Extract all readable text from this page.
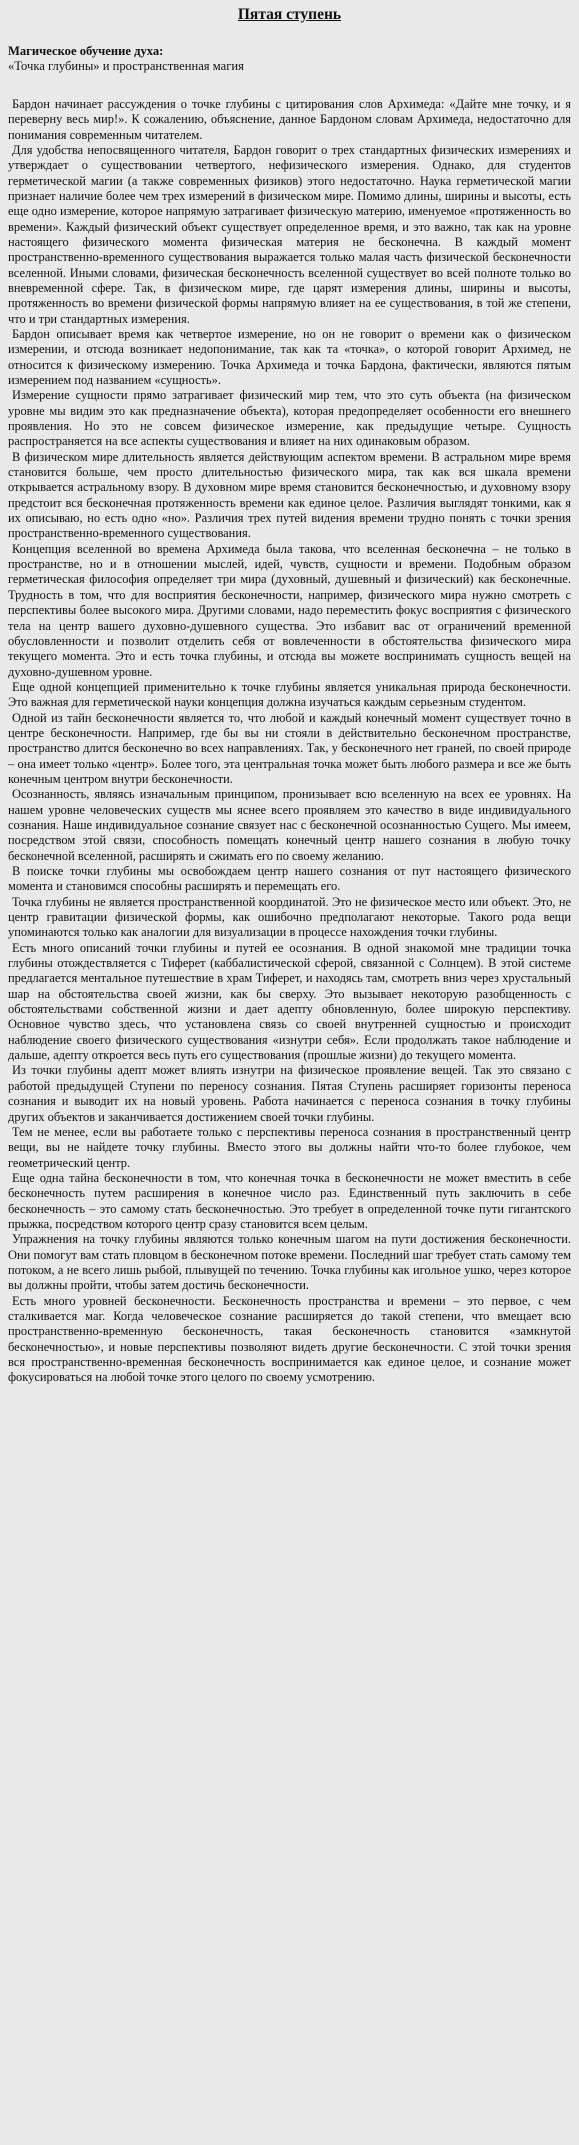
Пятая ступень

Магическое обучение духа:

«Точка глубины» и пространственная магия

Бардон начинает рассуждения о точке глубины с цитирования слов Архимеда: «Дайте мне точку, и я переверну весь мир!». К сожалению, объяснение, данное Бардоном словам Архимеда, недостаточно для понимания современным читателем.

Для удобства непосвященного читателя, Бардон говорит о трех стандартных физических измерениях и утверждает о существовании четвертого, нефизического измерения. Однако, для студентов герметической магии (а также современных физиков) этого недостаточно. Наука герметической магии признает наличие более чем трех измерений в физическом мире. Помимо длины, ширины и высоты, есть еще одно измерение, которое напрямую затрагивает физическую материю, именуемое «протяженность во времени». Каждый физический объект существует определенное время, и это важно, так как на уровне настоящего физического момента физическая материя не бесконечна. В каждый момент пространственно-временного существования выражается только малая часть физической бесконечности вселенной. Иными словами, физическая бесконечность вселенной существует во всей полноте только во вневременной сфере. Так, в физическом мире, где царят измерения длины, ширины и высоты, протяженность во времени физической формы напрямую влияет на ее существования, в той же степени, что и три стандартных измерения.

Бардон описывает время как четвертое измерение, но он не говорит о времени как о физическом измерении, и отсюда возникает недопонимание, так как та «точка», о которой говорит Архимед, не относится к физическому измерению. Точка Архимеда и точка Бардона, фактически, являются пятым измерением под названием «сущность».

Измерение сущности прямо затрагивает физический мир тем, что это суть объекта (на физическом уровне мы видим это как предназначение объекта), которая предопределяет особенности его внешнего проявления. Но это не совсем физическое измерение, как предыдущие четыре. Сущность распространяется на все аспекты существования и влияет на них одинаковым образом.

В физическом мире длительность является действующим аспектом времени. В астральном мире время становится больше, чем просто длительностью физического мира, так как вся шкала времени открывается астральному взору. В духовном мире время становится бесконечностью, и духовному взору предстоит вся бесконечная протяженность времени как единое целое. Различия выглядят тонкими, как я их описываю, но есть одно «но». Различия трех путей видения времени трудно понять с точки зрения пространственно-временного существования.

Концепция вселенной во времена Архимеда была такова, что вселенная бесконечна – не только в пространстве, но и в отношении мыслей, идей, чувств, сущности и времени. Подобным образом герметическая философия определяет три мира (духовный, душевный и физический) как бесконечные. Трудность в том, что для восприятия бесконечности, например, физического мира нужно смотреть с перспективы более высокого мира. Другими словами, надо переместить фокус восприятия с физического тела на центр вашего духовно-душевного существа. Это избавит вас от ограничений временной обусловленности и позволит отделить себя от вовлеченности в обстоятельства физического мира текущего момента. Это и есть точка глубины, и отсюда вы можете воспринимать сущность вещей на духовно-душевном уровне.

Еще одной концепцией применительно к точке глубины является уникальная природа бесконечности. Это важная для герметической науки концепция должна изучаться каждым серьезным студентом.

Одной из тайн бесконечности является то, что любой и каждый конечный момент существует точно в центре бесконечности. Например, где бы вы ни стояли в действительно бесконечном пространстве, пространство длится бесконечно во всех направлениях. Так, у бесконечного нет граней, по своей природе – она имеет только «центр». Более того, эта центральная точка может быть любого размера и все же быть конечным центром внутри бесконечности.

Осознанность, являясь изначальным принципом, пронизывает всю вселенную на всех ее уровнях. На нашем уровне человеческих существ мы яснее всего проявляем это качество в виде индивидуального сознания. Наше индивидуальное сознание связует нас с бесконечной осознанностью Сущего. Мы имеем, посредством этой связи, способность помещать конечный центр нашего сознания в любую точку бесконечной вселенной, расширять и сжимать его по своему желанию.

В поиске точки глубины мы освобождаем центр нашего сознания от пут настоящего физического момента и становимся способны расширять и перемещать его.

Точка глубины не является пространственной координатой. Это не физическое место или объект. Это, не центр гравитации физической формы, как ошибочно предполагают некоторые. Такого рода вещи упоминаются только как аналогии для визуализации в процессе нахождения точки глубины.

Есть много описаний точки глубины и путей ее осознания. В одной знакомой мне традиции точка глубины отождествляется с Тиферет (каббалистической сферой, связанной с Солнцем). В этой системе предлагается ментальное путешествие в храм Тиферет, и находясь там, смотреть вниз через хрустальный шар на обстоятельства своей жизни, как бы сверху. Это вызывает некоторую разобщенность с обстоятельствами собственной жизни и дает адепту обновленную, более широкую перспективу. Основное чувство здесь, что установлена связь со своей внутренней сущностью и происходит наблюдение своего физического существования «изнутри себя». Если продолжать такое наблюдение и дальше, адепту откроется весь путь его существования (прошлые жизни) до текущего момента.

Из точки глубины адепт может влиять изнутри на физическое проявление вещей. Так это связано с работой предыдущей Ступени по переносу сознания. Пятая Ступень расширяет горизонты переноса сознания и выводит их на новый уровень. Работа начинается с переноса сознания в точку глубины других объектов и заканчивается достижением своей точки глубины.

Тем не менее, если вы работаете только с перспективы переноса сознания в пространственный центр вещи, вы не найдете точку глубины. Вместо этого вы должны найти что-то более глубокое, чем геометрический центр.

Еще одна тайна бесконечности в том, что конечная точка в бесконечности не может вместить в себе бесконечность путем расширения в конечное число раз. Единственный путь заключить в себе бесконечность – это самому стать бесконечностью. Это требует в определенной точке пути гигантского прыжка, посредством которого центр сразу становится всем целым.

Упражнения на точку глубины являются только конечным шагом на пути достижения бесконечности. Они помогут вам стать пловцом в бесконечном потоке времени. Последний шаг требует стать самому тем потоком, а не всего лишь рыбой, плывущей по течению. Точка глубины как игольное ушко, через которое вы должны пройти, чтобы затем достичь бесконечности.

Есть много уровней бесконечности. Бесконечность пространства и времени – это первое, с чем сталкивается маг. Когда человеческое сознание расширяется до такой степени, что вмещает всю пространственно-временную бесконечность, такая бесконечность становится «замкнутой бесконечностью», и новые перспективы позволяют видеть другие бесконечности. С этой точки зрения вся пространственно-временная бесконечность воспринимается как единое целое, и сознание может фокусироваться на любой точке этого целого по своему усмотрению.
